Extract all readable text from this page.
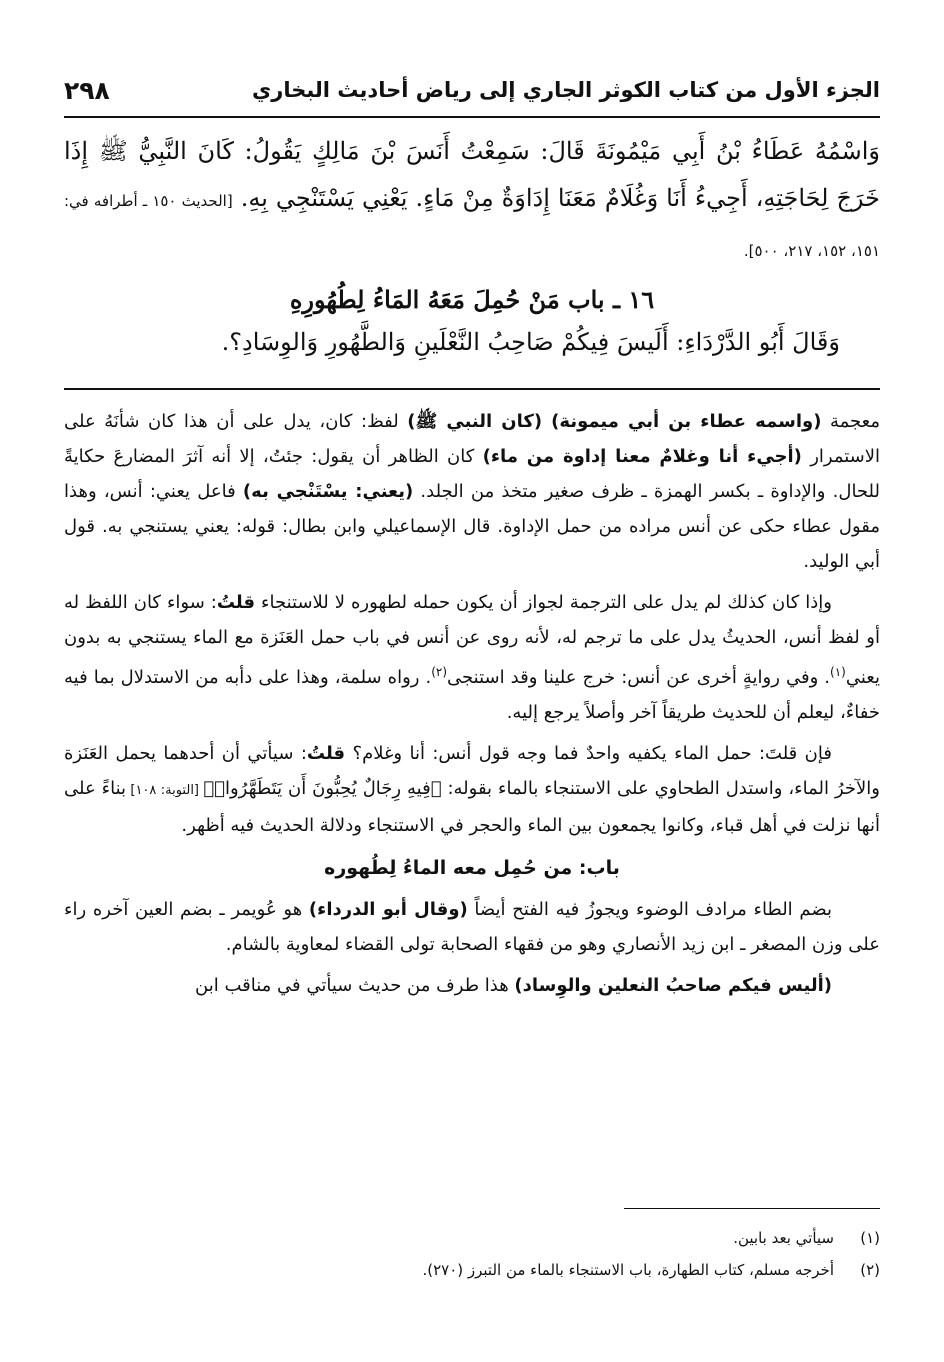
الجزء الأول من كتاب الكوثر الجاري إلى رياض أحاديث البخاري
٢٩٨
وَاسْمُهُ عَطَاءُ بْنُ أَبِي مَيْمُونَةَ قَالَ: سَمِعْتُ أَنَسَ بْنَ مَالِكٍ يَقُولُ: كَانَ النَّبِيُّ ﷺ إِذَا خَرَجَ لِحَاجَتِهِ، أَجِيءُ أَنَا وَغُلَامٌ مَعَنَا إِدَاوَةٌ مِنْ مَاءٍ. يَعْنِي يَسْتَنْجِي بِهِ. [الحديث ١٥٠ ـ أطرافه في: ١٥١، ١٥٢، ٢١٧، ٥٠٠].
١٦ ـ باب مَنْ حُمِلَ مَعَهُ المَاءُ لِطُهُورِهِ
وَقَالَ أَبُو الدَّرْدَاءِ: أَلَيسَ فِيكُمْ صَاحِبُ النَّعْلَينِ وَالطَّهُورِ وَالوِسَادِ؟.

معجمة (واسمه عطاء بن أبي ميمونة) (كان النبي ﷺ) لفظ: كان، يدل على أن هذا كان شأنَهُ على الاستمرار (أجيء أنا وغلامٌ معنا إداوة من ماء) كان الظاهر أن يقول: جئتُ، إلا أنه آثرَ المضارعَ حكايةً للحال. والإداوة ـ بكسر الهمزة ـ ظرف صغير متخذ من الجلد. (يعني: يسْتَنْجي به) فاعل يعني: أنس، وهذا مقول عطاء حكى عن أنس مراده من حمل الإداوة. قال الإسماعيلي وابن بطال: قوله: يعني يستنجي به. قول أبي الوليد.

وإذا كان كذلك لم يدل على الترجمة لجواز أن يكون حمله لطهوره لا للاستنجاء قلتُ: سواء كان اللفظ له أو لفظ أنس، الحديثُ يدل على ما ترجم له، لأنه روى عن أنس في باب حمل العَنَزة مع الماء يستنجي به بدون يعني$^{(١)}$. وفي روايةٍ أخرى عن أنس: خرج علينا وقد استنجى$^{(٢)}$. رواه سلمة، وهذا على دأبه من الاستدلال بما فيه خفاءٌ، ليعلم أن للحديث طريقاً آخر وأصلاً يرجع إليه.

فإن قلتَ: حمل الماء يكفيه واحدٌ فما وجه قول أنس: أنا وغلام؟ قلتُ: سيأتي أن أحدهما يحمل العَنَزة والآخرُ الماء، واستدل الطحاوي على الاستنجاء بالماء بقوله: ﴿فِيهِ رِجَالٌ يُحِبُّونَ أَن يَتَطَهَّرُوا۟﴾ [التوبة: ١٠٨] بناءً على أنها نزلت في أهل قباء، وكانوا يجمعون بين الماء والحجر في الاستنجاء ودلالة الحديث فيه أظهر.

باب: من حُمِل معه الماءُ لِطُهوره

بضم الطاء مرادف الوضوء ويجوزُ فيه الفتح أيضاً (وقال أبو الدرداء) هو عُويمر ـ بضم العين آخره راء على وزن المصغر ـ ابن زيد الأنصاري وهو من فقهاء الصحابة تولى القضاء لمعاوية بالشام.

(أليس فيكم صاحبُ النعلين والوِساد) هذا طرف من حديث سيأتي في مناقب ابن

(١)
سيأتي بعد بابين.
(٢)
أخرجه مسلم، كتاب الطهارة، باب الاستنجاء بالماء من التبرز (٢٧٠).
